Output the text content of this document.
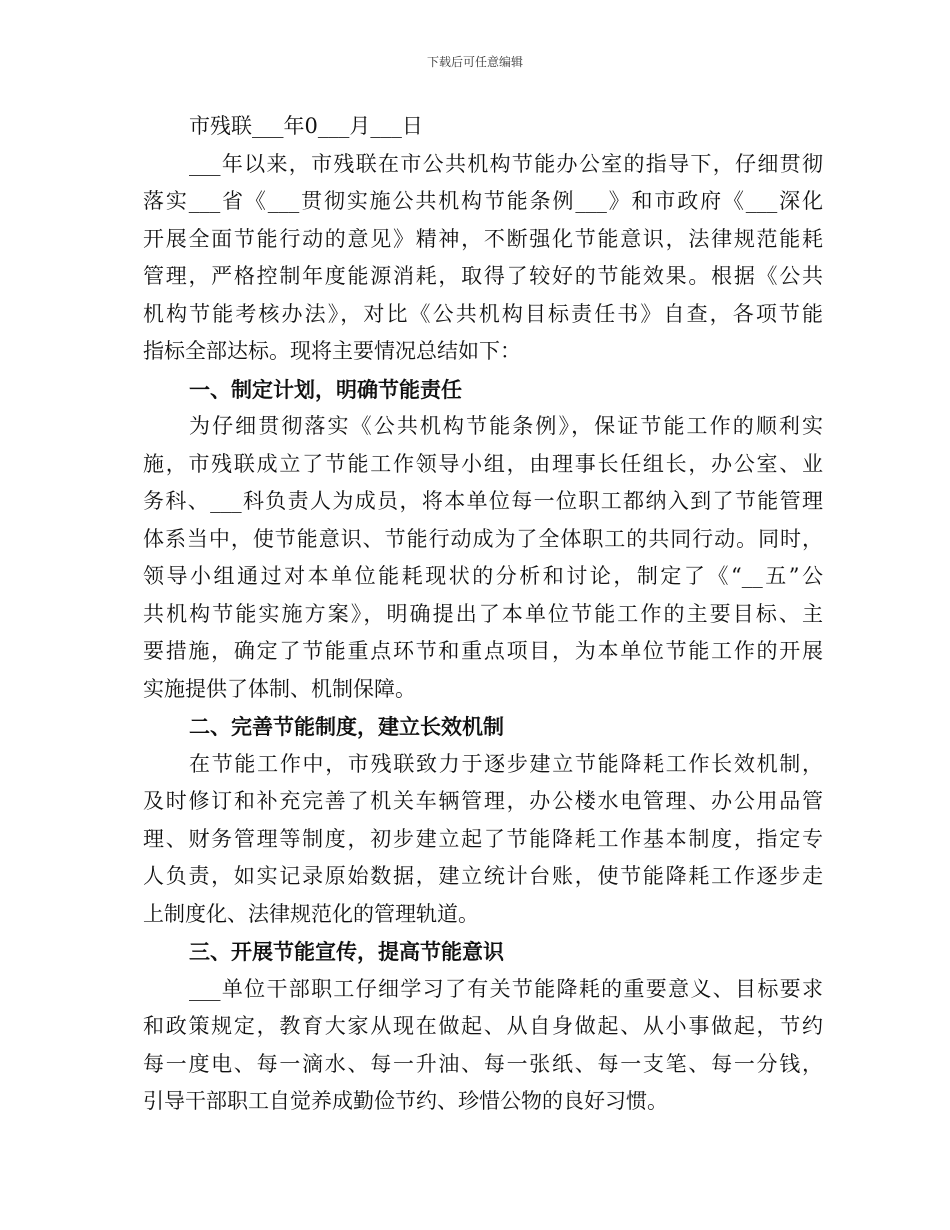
下载后可任意编辑
市残联___年0___月___日
___年以来，市残联在市公共机构节能办公室的指导下，仔细贯彻
落实___省《___贯彻实施公共机构节能条例___》和市政府《___深化
开展全面节能行动的意见》精神，不断强化节能意识，法律规范能耗
管理，严格控制年度能源消耗，取得了较好的节能效果。根据《公共
机构节能考核办法》，对比《公共机构目标责任书》自查，各项节能
指标全部达标。现将主要情况总结如下：
一、制定计划，明确节能责任
为仔细贯彻落实《公共机构节能条例》，保证节能工作的顺利实
施，市残联成立了节能工作领导小组，由理事长任组长，办公室、业
务科、___科负责人为成员，将本单位每一位职工都纳入到了节能管理
体系当中，使节能意识、节能行动成为了全体职工的共同行动。同时，
领导小组通过对本单位能耗现状的分析和讨论，制定了《“__五”公
共机构节能实施方案》，明确提出了本单位节能工作的主要目标、主
要措施，确定了节能重点环节和重点项目，为本单位节能工作的开展
实施提供了体制、机制保障。
二、完善节能制度，建立长效机制
在节能工作中，市残联致力于逐步建立节能降耗工作长效机制，
及时修订和补充完善了机关车辆管理，办公楼水电管理、办公用品管
理、财务管理等制度，初步建立起了节能降耗工作基本制度，指定专
人负责，如实记录原始数据，建立统计台账，使节能降耗工作逐步走
上制度化、法律规范化的管理轨道。
三、开展节能宣传，提高节能意识
___单位干部职工仔细学习了有关节能降耗的重要意义、目标要求
和政策规定，教育大家从现在做起、从自身做起、从小事做起，节约
每一度电、每一滴水、每一升油、每一张纸、每一支笔、每一分钱，
引导干部职工自觉养成勤俭节约、珍惜公物的良好习惯。
